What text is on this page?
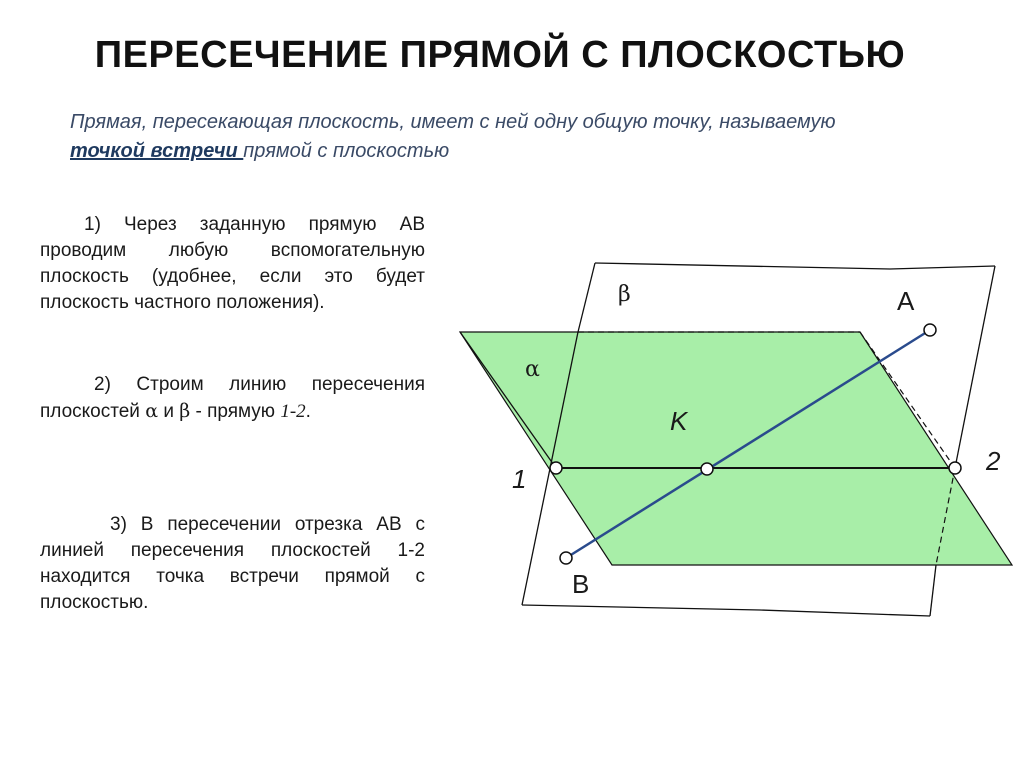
ПЕРЕСЕЧЕНИЕ ПРЯМОЙ С ПЛОСКОСТЬЮ
Прямая, пересекающая плоскость, имеет с ней одну общую точку, называемую
точкой встречи прямой с плоскостью
1) Через заданную прямую АВ проводим любую вспомогательную плоскость (удобнее, если это будет плоскость частного положения).
2) Строим линию пересечения плоскостей α и β - прямую 1-2.
3) В пересечении отрезка АВ с линией пересечения плоскостей 1-2 находится точка встречи прямой с плоскостью.
A
B
K
1
2
α
β
